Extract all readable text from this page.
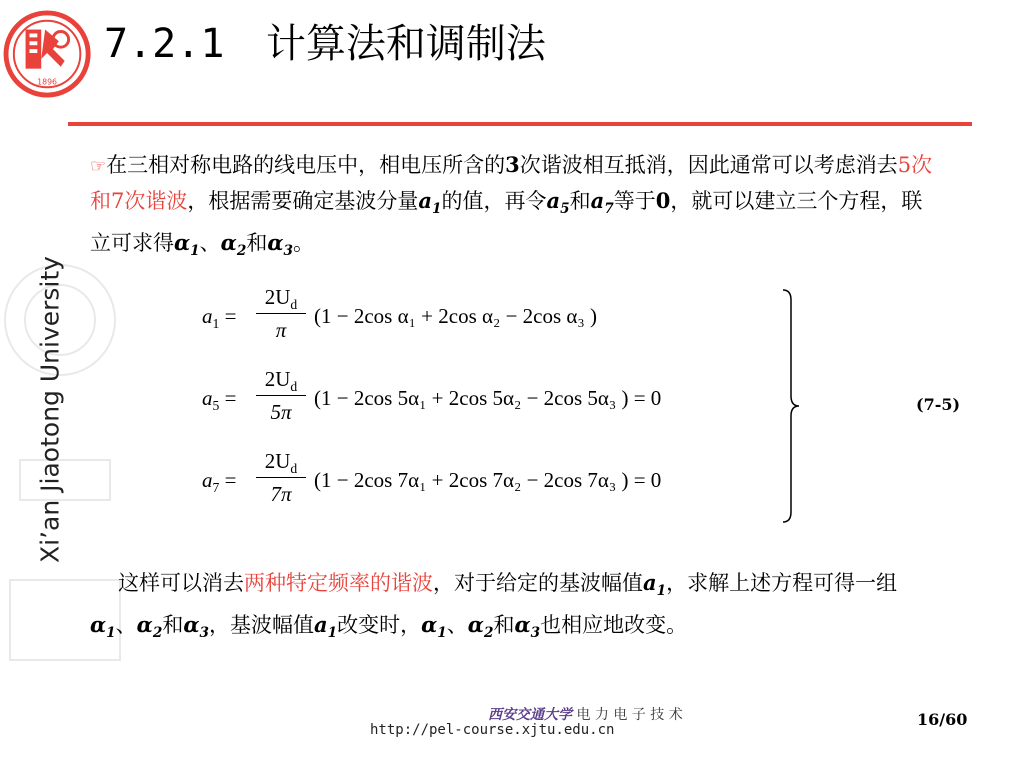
Xi’an Jiaotong University
1896
7.2.1 计算法和调制法
☞在三相对称电路的线电压中，相电压所含的3次谐波相互抵消，因此通常可以考虑消去5次和7次谐波，根据需要确定基波分量$a_1$的值，再令$a_5$和$a_7$等于0，就可以建立三个方程，联立可求得$\alpha_1$、$\alpha_2$和$\alpha_3$。
$a_1$ =
$2U_d$
π
(1 − 2cos α₁ + 2cos α₂ − 2cos α₃ )
$a_5$ =
$2U_d$
5π
(1 − 2cos 5α₁ + 2cos 5α₂ − 2cos 5α₃ ) = 0
$a_7$ =
$2U_d$
7π
(1 − 2cos 7α₁ + 2cos 7α₂ − 2cos 7α₃ ) = 0
(7-5)
这样可以消去两种特定频率的谐波，对于给定的基波幅值$a_1$，求解上述方程可得一组$\alpha_1$、$\alpha_2$和$\alpha_3$，基波幅值$a_1$改变时，$\alpha_1$、$\alpha_2$和$\alpha_3$也相应地改变。
西安交通大学 电 力 电 子 技 术
http://pel-course.xjtu.edu.cn
16/60
